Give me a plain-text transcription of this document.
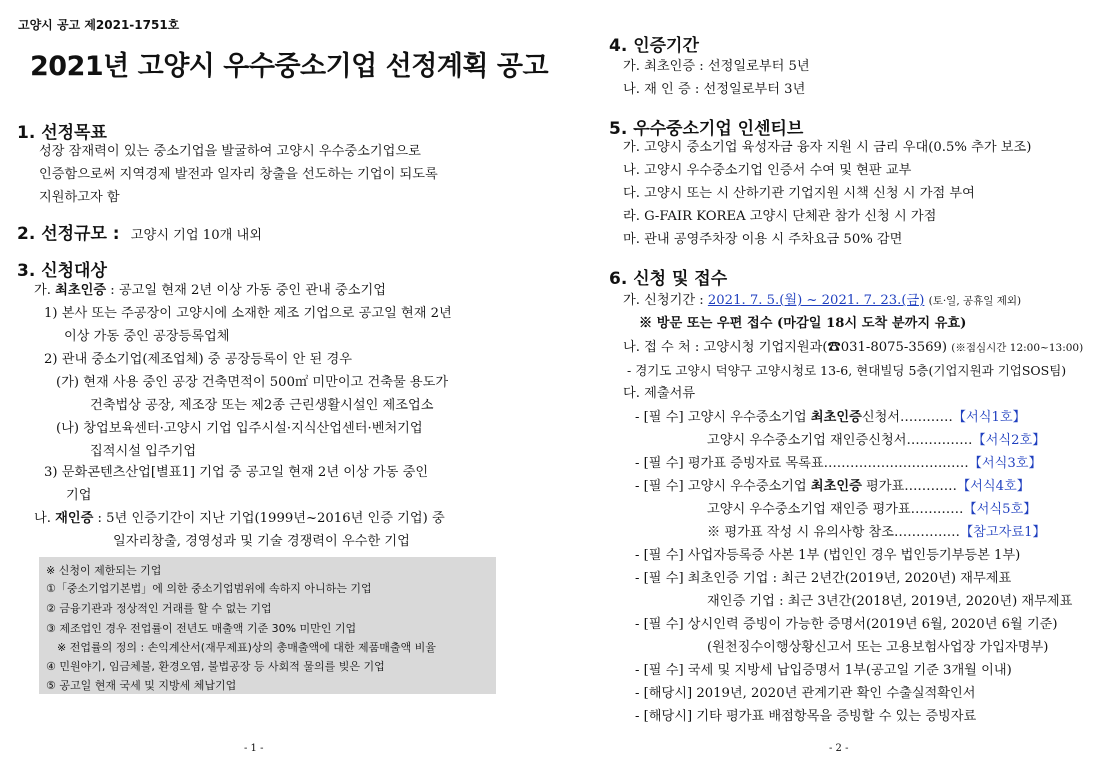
고양시 공고 제2021-1751호
2021년 고양시 우수중소기업 선정계획 공고
1. 선정목표
성장 잠재력이 있는 중소기업을 발굴하여 고양시 우수중소기업으로
인증함으로써 지역경제 발전과 일자리 창출을 선도하는 기업이 되도록
지원하고자 함
2. 선정규모 : 고양시 기업 10개 내외
3. 신청대상
가. 최초인증 : 공고일 현재 2년 이상 가동 중인 관내 중소기업
1) 본사 또는 주공장이 고양시에 소재한 제조 기업으로 공고일 현재 2년
이상 가동 중인 공장등록업체
2) 관내 중소기업(제조업체) 중 공장등록이 안 된 경우
(가) 현재 사용 중인 공장 건축면적이 500㎡ 미만이고 건축물 용도가
건축법상 공장, 제조장 또는 제2종 근린생활시설인 제조업소
(나) 창업보육센터·고양시 기업 입주시설·지식산업센터·벤처기업
집적시설 입주기업
3) 문화콘텐츠산업[별표1] 기업 중 공고일 현재 2년 이상 가동 중인
기업
나. 재인증 : 5년 인증기간이 지난 기업(1999년~2016년 인증 기업) 중
일자리창출, 경영성과 및 기술 경쟁력이 우수한 기업
※ 신청이 제한되는 기업
①「중소기업기본법」에 의한 중소기업범위에 속하지 아니하는 기업
② 금융기관과 정상적인 거래를 할 수 없는 기업
③ 제조업인 경우 전업률이 전년도 매출액 기준 30% 미만인 기업
※ 전업률의 정의 : 손익계산서(재무제표)상의 총매출액에 대한 제품매출액 비율
④ 민원야기, 임금체불, 환경오염, 불법공장 등 사회적 물의를 빚은 기업
⑤ 공고일 현재 국세 및 지방세 체납기업
- 1 -
4. 인증기간
가. 최초인증 : 선정일로부터 5년
나. 재 인 증 : 선정일로부터 3년
5. 우수중소기업 인센티브
가. 고양시 중소기업 육성자금 융자 지원 시 금리 우대(0.5% 추가 보조)
나. 고양시 우수중소기업 인증서 수여 및 현판 교부
다. 고양시 또는 시 산하기관 기업지원 시책 신청 시 가점 부여
라. G-FAIR KOREA 고양시 단체관 참가 신청 시 가점
마. 관내 공영주차장 이용 시 주차요금 50% 감면
6. 신청 및 접수
가. 신청기간 : 2021. 7. 5.(월) ~ 2021. 7. 23.(금) (토·일, 공휴일 제외)
※ 방문 또는 우편 접수 (마감일 18시 도착 분까지 유효)
나. 접 수 처 : 고양시청 기업지원과(☎031-8075-3569) (※점심시간 12:00~13:00)
- 경기도 고양시 덕양구 고양시청로 13-6, 현대빌딩 5층(기업지원과 기업SOS팀)
다. 제출서류
- [필 수] 고양시 우수중소기업 최초인증신청서…………【서식1호】
고양시 우수중소기업 재인증신청서……………【서식2호】
- [필 수] 평가표 증빙자료 목록표……………………………【서식3호】
- [필 수] 고양시 우수중소기업 최초인증 평가표…………【서식4호】
고양시 우수중소기업 재인증 평가표…………【서식5호】
※ 평가표 작성 시 유의사항 참조……………【참고자료1】
- [필 수] 사업자등록증 사본 1부 (법인인 경우 법인등기부등본 1부)
- [필 수] 최초인증 기업 : 최근 2년간(2019년, 2020년) 재무제표
재인증 기업 : 최근 3년간(2018년, 2019년, 2020년) 재무제표
- [필 수] 상시인력 증빙이 가능한 증명서(2019년 6월, 2020년 6월 기준)
(원천징수이행상황신고서 또는 고용보험사업장 가입자명부)
- [필 수] 국세 및 지방세 납입증명서 1부(공고일 기준 3개월 이내)
- [해당시] 2019년, 2020년 관계기관 확인 수출실적확인서
- [해당시] 기타 평가표 배점항목을 증빙할 수 있는 증빙자료
- 2 -
